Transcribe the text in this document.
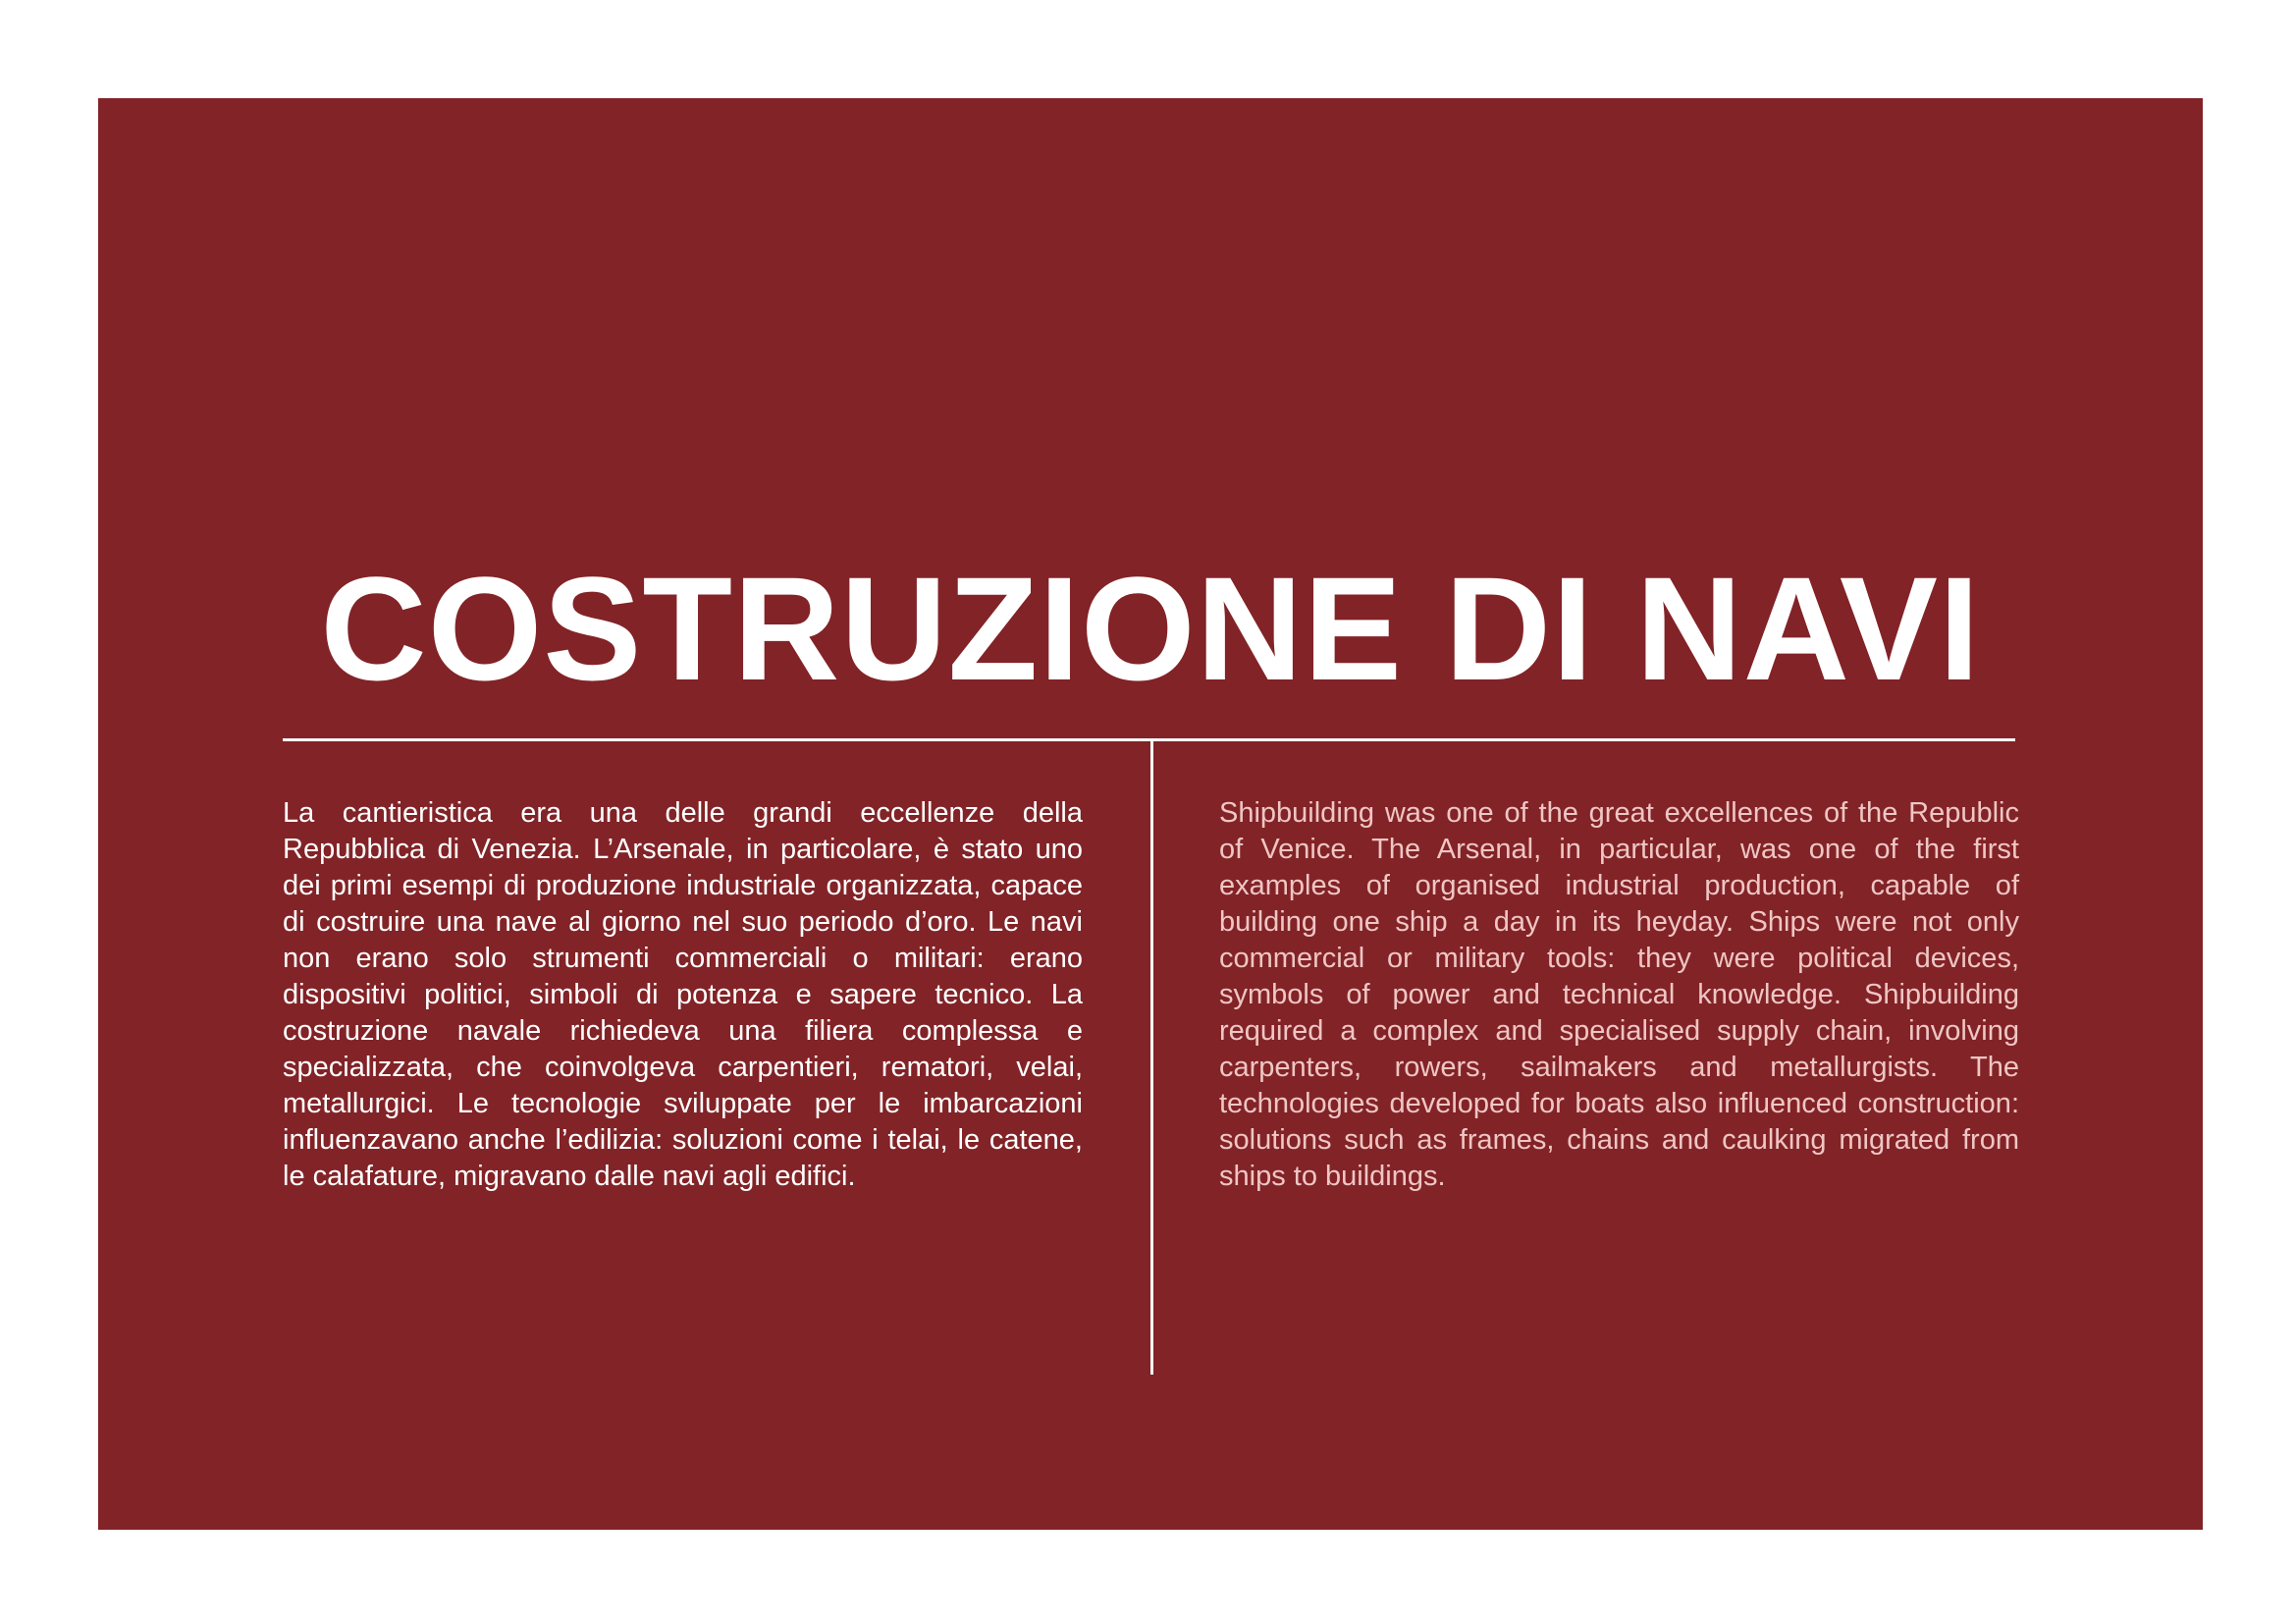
COSTRUZIONE DI NAVI

La cantieristica era una delle grandi eccellenze della Repubblica di Venezia. L’Arsenale, in particolare, è stato uno dei primi esempi di produzione industriale organizzata, capace di costruire una nave al giorno nel suo periodo d’oro. Le navi non erano solo strumenti commerciali o militari: erano dispositivi politici, simboli di potenza e sapere tecnico. La costruzione navale richiedeva una filiera complessa e specializzata, che coinvolgeva carpentieri, rematori, velai, metallurgici. Le tecnologie sviluppate per le imbarcazioni influenzavano anche l’edilizia: soluzioni come i telai, le catene, le calafature, migravano dalle navi agli edifici.

Shipbuilding was one of the great excellences of the Republic of Venice. The Arsenal, in particular, was one of the first examples of organised industrial production, capable of building one ship a day in its heyday. Ships were not only commercial or military tools: they were political devices, symbols of power and technical knowledge. Shipbuilding required a complex and specialised supply chain, involving carpenters, rowers, sailmakers and metallurgists. The technologies developed for boats also influenced construction: solutions such as frames, chains and caulking migrated from ships to buildings.
